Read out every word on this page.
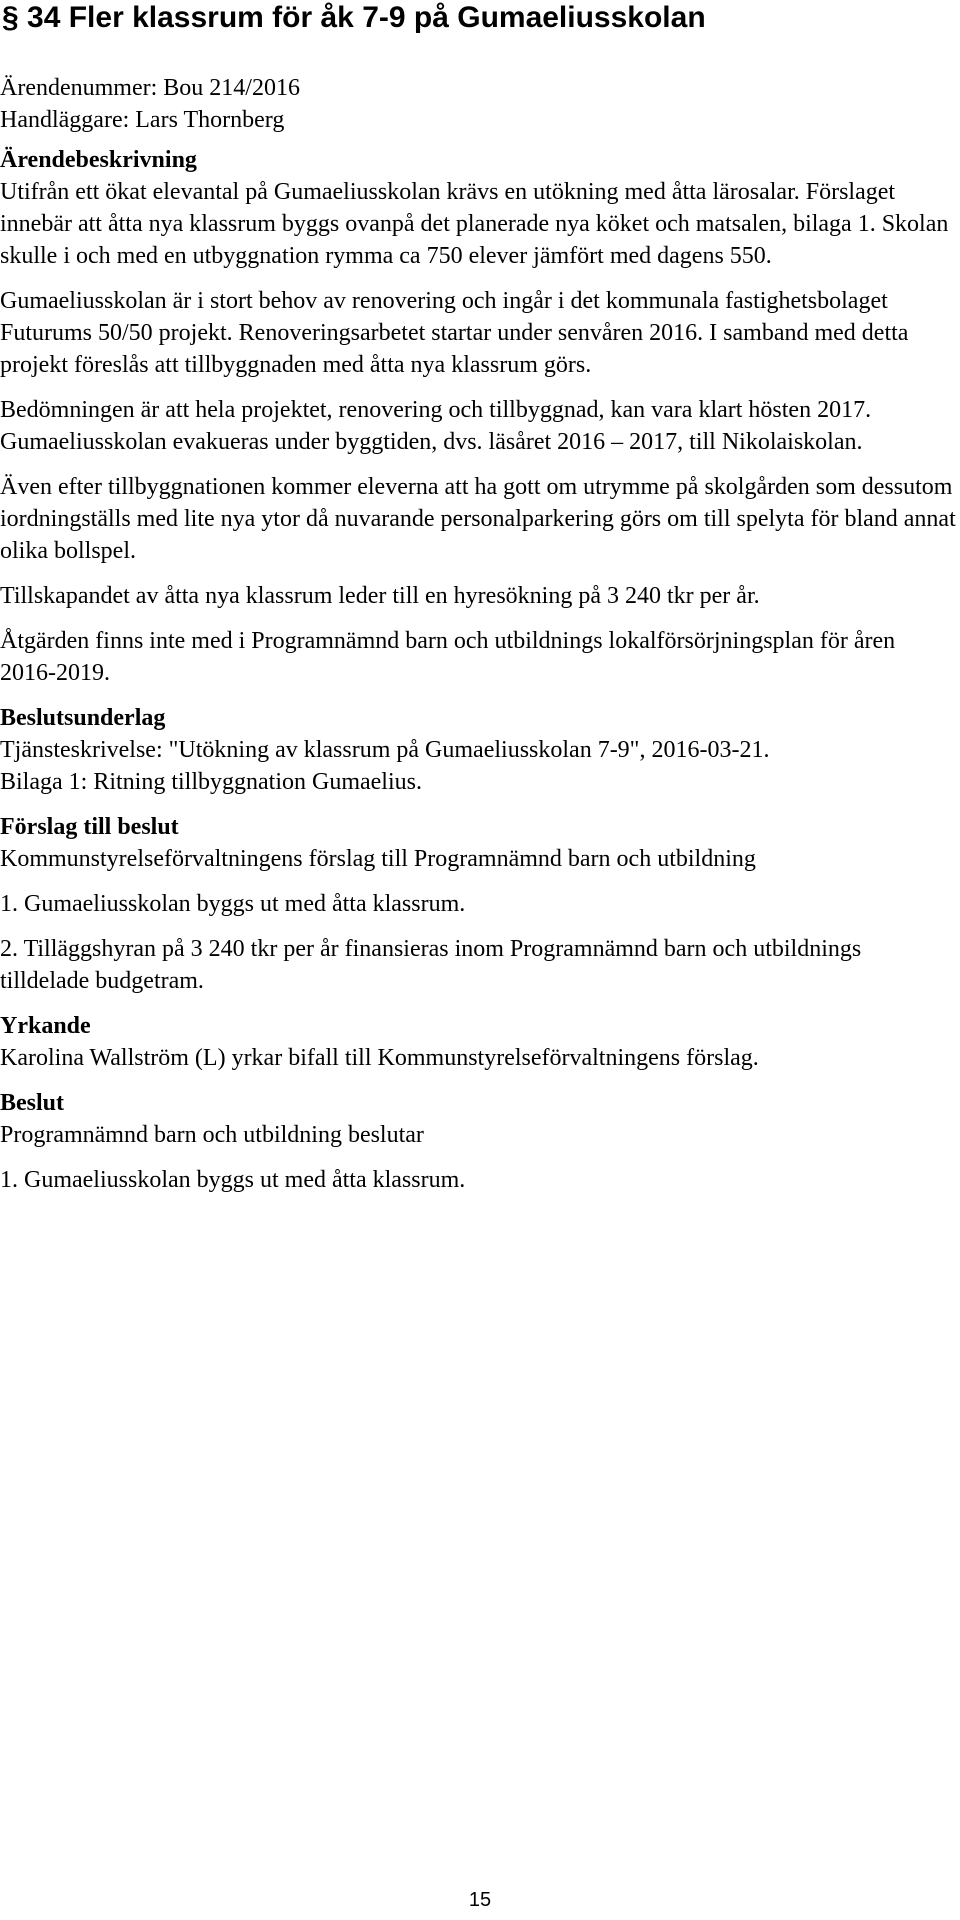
§ 34 Fler klassrum för åk 7-9 på Gumaeliusskolan

Ärendenummer: Bou 214/2016

Handläggare: Lars Thornberg

Ärendebeskrivning

Utifrån ett ökat elevantal på Gumaeliusskolan krävs en utökning med åtta lärosalar. Förslaget innebär att åtta nya klassrum byggs ovanpå det planerade nya köket och matsalen, bilaga 1. Skolan skulle i och med en utbyggnation rymma ca 750 elever jämfört med dagens 550.

Gumaeliusskolan är i stort behov av renovering och ingår i det kommunala fastighetsbolaget Futurums 50/50 projekt. Renoveringsarbetet startar under senvåren 2016. I samband med detta projekt föreslås att tillbyggnaden med åtta nya klassrum görs.

Bedömningen är att hela projektet, renovering och tillbyggnad, kan vara klart hösten 2017. Gumaeliusskolan evakueras under byggtiden, dvs. läsåret 2016 – 2017, till Nikolaiskolan.

Även efter tillbyggnationen kommer eleverna att ha gott om utrymme på skolgården som dessutom iordningställs med lite nya ytor då nuvarande personalparkering görs om till spelyta för bland annat olika bollspel.

Tillskapandet av åtta nya klassrum leder till en hyresökning på 3 240 tkr per år.

Åtgärden finns inte med i Programnämnd barn och utbildnings lokalförsörjningsplan för åren 2016-2019.

Beslutsunderlag

Tjänsteskrivelse: "Utökning av klassrum på Gumaeliusskolan 7-9", 2016-03-21.

Bilaga 1: Ritning tillbyggnation Gumaelius.

Förslag till beslut

Kommunstyrelseförvaltningens förslag till Programnämnd barn och utbildning

1. Gumaeliusskolan byggs ut med åtta klassrum.

2. Tilläggshyran på 3 240 tkr per år finansieras inom Programnämnd barn och utbildnings tilldelade budgetram.

Yrkande

Karolina Wallström (L) yrkar bifall till Kommunstyrelseförvaltningens förslag.

Beslut

Programnämnd barn och utbildning beslutar

1. Gumaeliusskolan byggs ut med åtta klassrum.

15
